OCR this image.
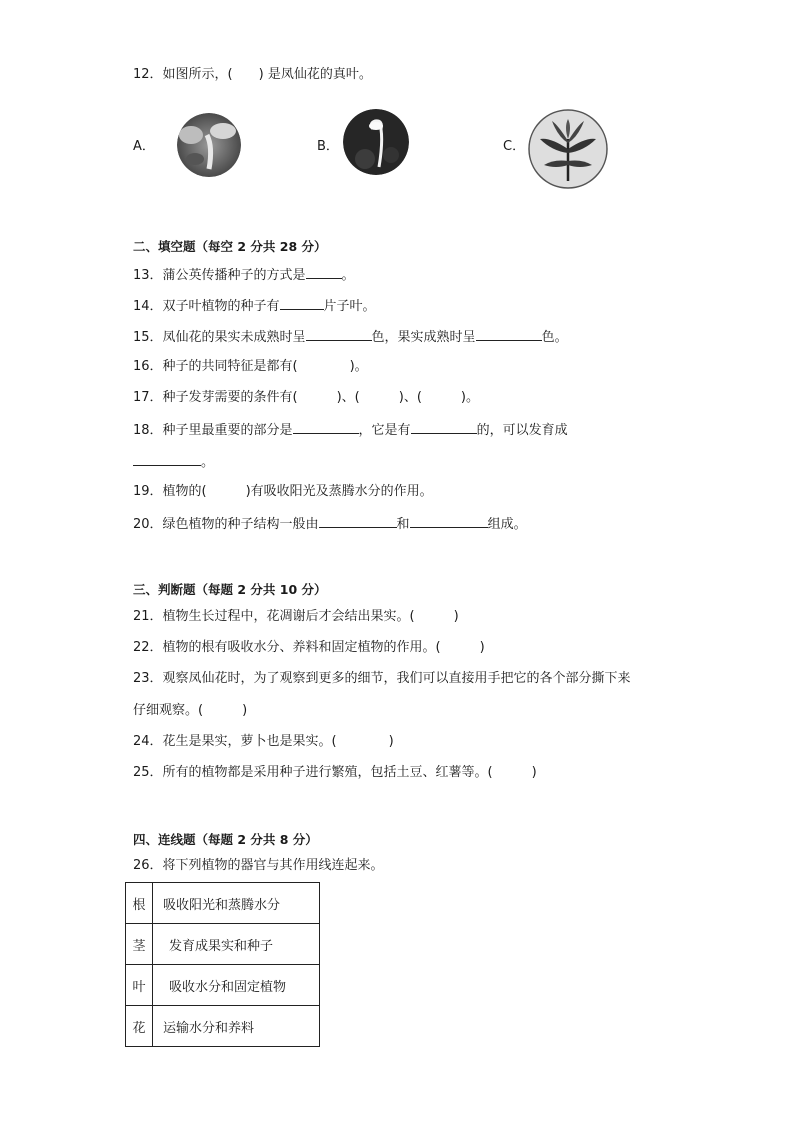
12．如图所示，(　　) 是凤仙花的真叶。
A．	B．	C．
二、填空题（每空 2 分共 28 分）
13．蒲公英传播种子的方式是	。
14．双子叶植物的种子有	片子叶。
15．凤仙花的果实未成熟时呈	色，果实成熟时呈	色。
16．种子的共同特征是都有(　　　　)。
17．种子发芽需要的条件有(　　　)、(　　　)、(　　　)。
18．种子里最重要的部分是	，它是有	的，可以发育成
。
19．植物的(　　　)有吸收阳光及蒸腾水分的作用。
20．绿色植物的种子结构一般由	和	组成。
三、判断题（每题 2 分共 10 分）
21．植物生长过程中，花凋谢后才会结出果实。(　　　)
22．植物的根有吸收水分、养料和固定植物的作用。(　　　)
23．观察凤仙花时，为了观察到更多的细节，我们可以直接用手把它的各个部分撕下来
仔细观察。(　　　)
24．花生是果实，萝卜也是果实。(　　　　)
25．所有的植物都是采用种子进行繁殖，包括土豆、红薯等。(　　　)
四、连线题（每题 2 分共 8 分）
26．将下列植物的器官与其作用线连起来。
根	吸收阳光和蒸腾水分
茎	发育成果实和种子
叶	吸收水分和固定植物
花	运输水分和养料
